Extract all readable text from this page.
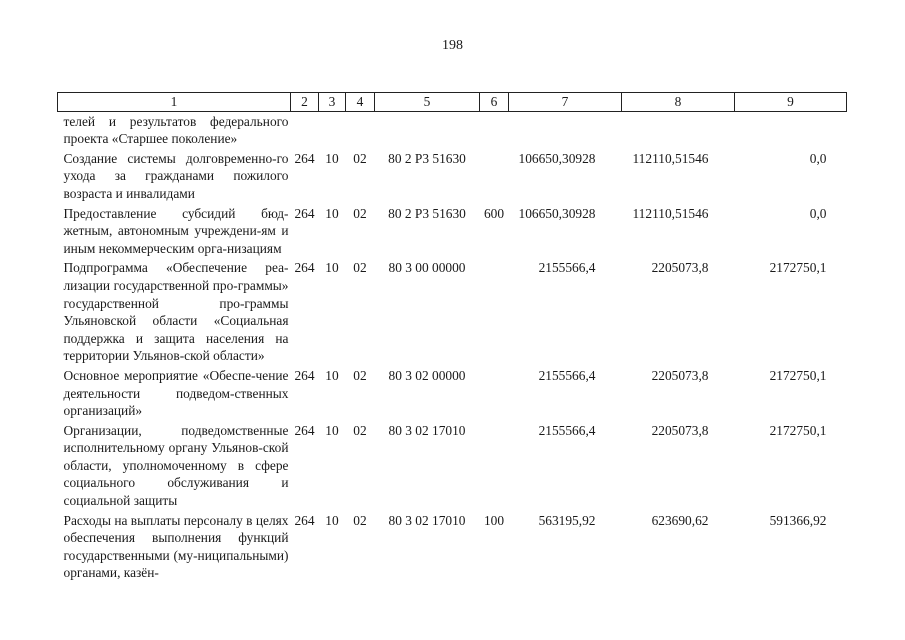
198
1	2	3	4	5	6	7	8	9
телей и результатов федерального проекта «Старшее поколение»								
Создание системы долговременно-го ухода за гражданами пожилого возраста и инвалидами	264	10	02	80 2 P3 51630		106650,30928	112110,51546	0,0
Предоставление субсидий бюд-жетным, автономным учреждени-ям и иным некоммерческим орга-низациям	264	10	02	80 2 P3 51630	600	106650,30928	112110,51546	0,0
Подпрограмма «Обеспечение реа-лизации государственной про-граммы» государственной про-граммы Ульяновской области «Социальная поддержка и защита населения на территории Ульянов-ской области»	264	10	02	80 3 00 00000		2155566,4	2205073,8	2172750,1
Основное мероприятие «Обеспе-чение деятельности подведом-ственных организаций»	264	10	02	80 3 02 00000		2155566,4	2205073,8	2172750,1
Организации, подведомственные исполнительному органу Ульянов-ской области, уполномоченному в сфере социального обслуживания и социальной защиты	264	10	02	80 3 02 17010		2155566,4	2205073,8	2172750,1
Расходы на выплаты персоналу в целях обеспечения выполнения функций государственными (му-ниципальными) органами, казён-	264	10	02	80 3 02 17010	100	563195,92	623690,62	591366,92
